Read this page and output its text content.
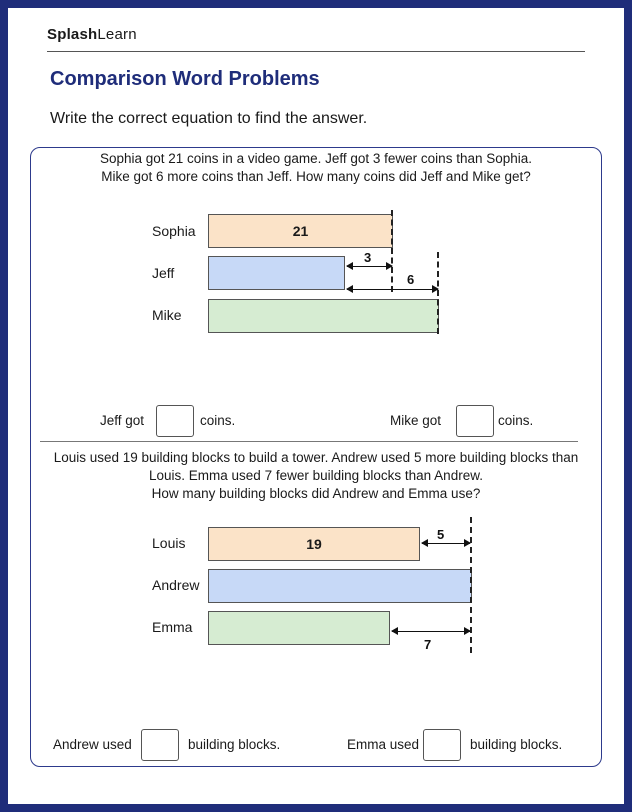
SplashLearn
Comparison Word Problems
Write the correct equation to find the answer.
Sophia got 21 coins in a video game. Jeff got 3 fewer coins than Sophia.
Mike got 6 more coins than Jeff. How many coins did Jeff and Mike get?
Sophia	21
Jeff
Mike
3
6
Jeff got	coins.	Mike got	coins.
Louis used 19 building blocks to build a tower. Andrew used 5 more building blocks than
Louis. Emma used 7 fewer building blocks than Andrew.
How many building blocks did Andrew and Emma use?
Louis	19
Andrew
Emma
5
7
Andrew used	building blocks.	Emma used	building blocks.
